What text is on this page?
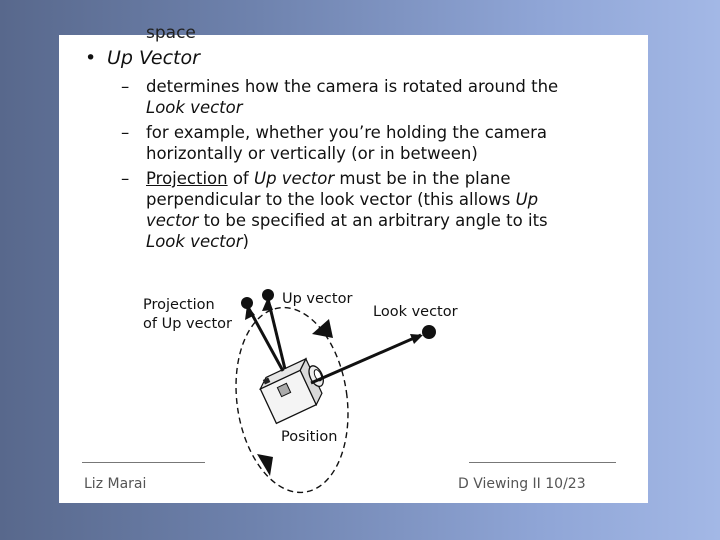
space
• Up Vector
– determines how the camera is rotated around the
Look vector
– for example, whether you’re holding the camera
horizontally or vertically (or in between)
– Projection of Up vector must be in the plane
perpendicular to the look vector (this allows Up
vector to be specified at an arbitrary angle to its
Look vector)
Projection
of Up vector
Up vector
Look vector
Position
Liz Marai	D Viewing II 10/23
